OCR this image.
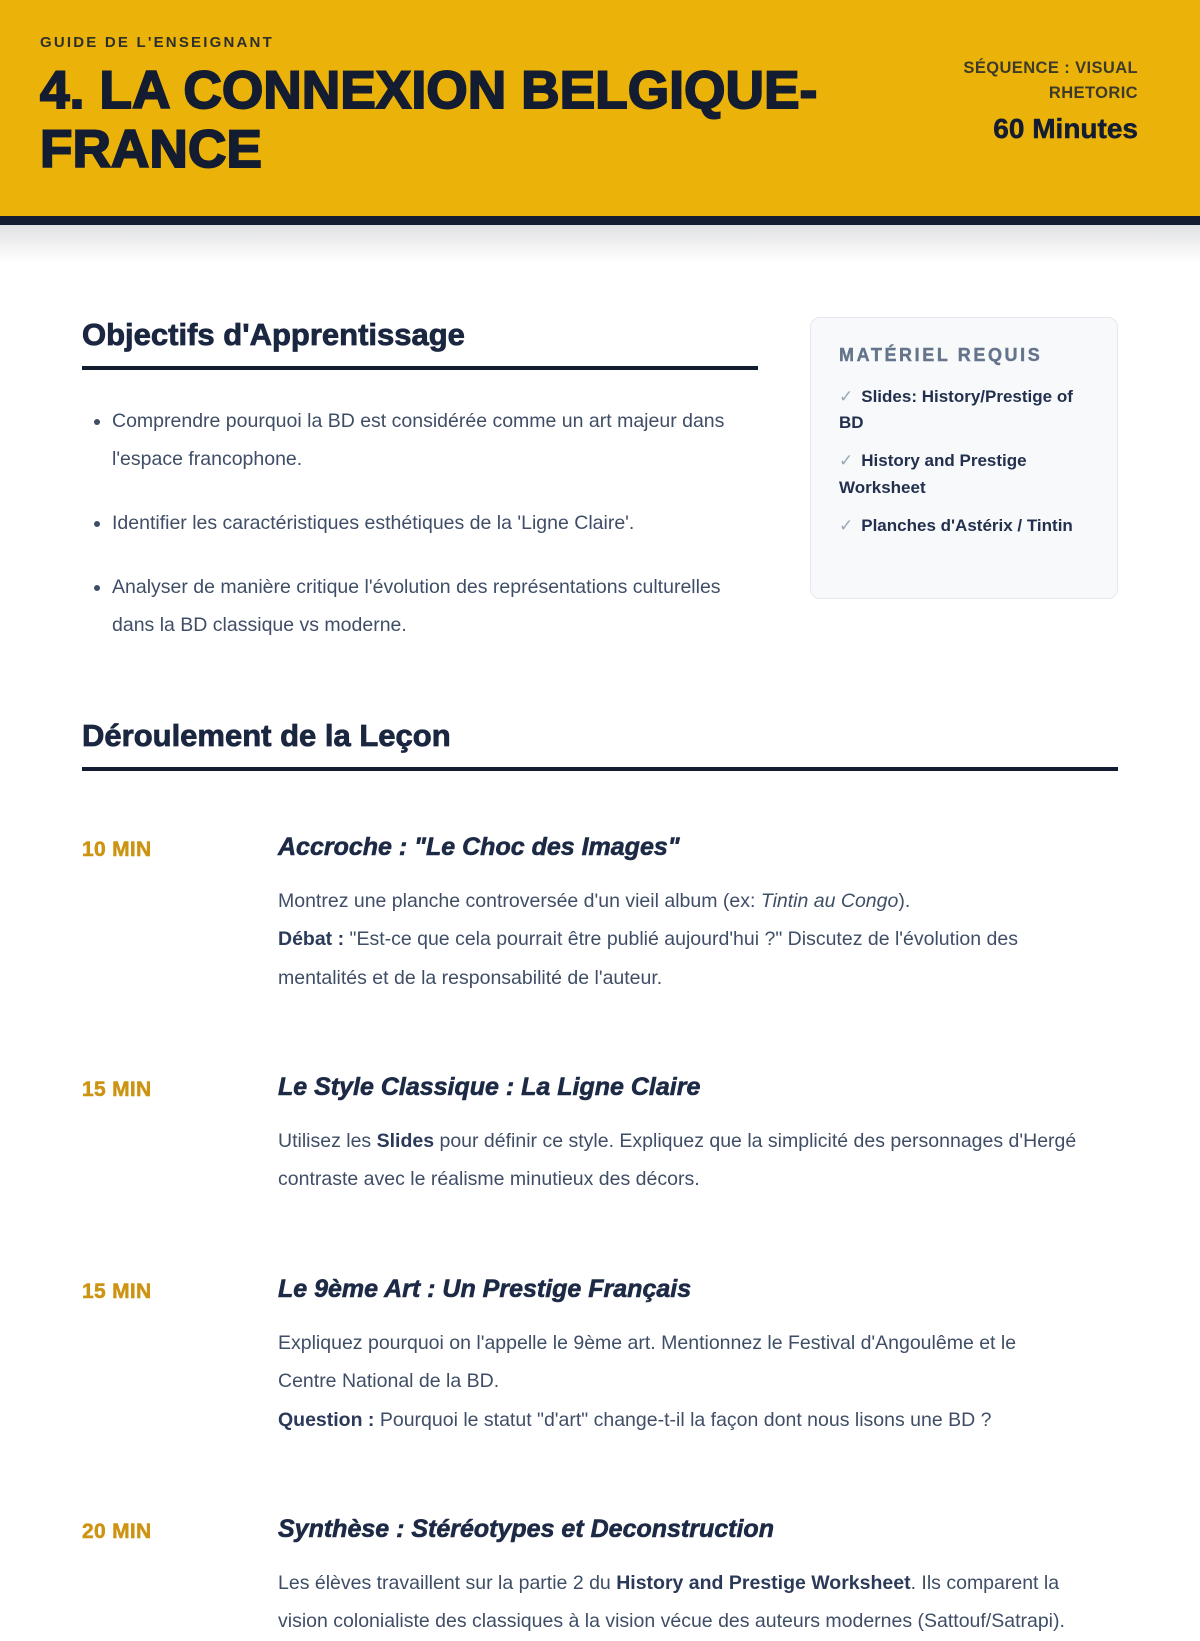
GUIDE DE L'ENSEIGNANT
4. LA CONNEXION BELGIQUE-FRANCE
SÉQUENCE : VISUAL RHETORIC
60 Minutes
Objectifs d'Apprentissage
• Comprendre pourquoi la BD est considérée comme un art majeur dans l'espace francophone.
• Identifier les caractéristiques esthétiques de la 'Ligne Claire'.
• Analyser de manière critique l'évolution des représentations culturelles dans la BD classique vs moderne.
MATÉRIEL REQUIS
✓ Slides: History/Prestige of BD
✓ History and Prestige Worksheet
✓ Planches d'Astérix / Tintin
Déroulement de la Leçon
10 MIN	Accroche : "Le Choc des Images"

Montrez une planche controversée d'un vieil album (ex: Tintin au Congo).
Débat : "Est-ce que cela pourrait être publié aujourd'hui ?" Discutez de l'évolution des mentalités et de la responsabilité de l'auteur.

15 MIN	Le Style Classique : La Ligne Claire

Utilisez les Slides pour définir ce style. Expliquez que la simplicité des personnages d'Hergé contraste avec le réalisme minutieux des décors.

15 MIN	Le 9ème Art : Un Prestige Français

Expliquez pourquoi on l'appelle le 9ème art. Mentionnez le Festival d'Angoulême et le Centre National de la BD.
Question : Pourquoi le statut "d'art" change-t-il la façon dont nous lisons une BD ?

20 MIN	Synthèse : Stéréotypes et Deconstruction

Les élèves travaillent sur la partie 2 du History and Prestige Worksheet. Ils comparent la vision colonialiste des classiques à la vision vécue des auteurs modernes (Sattouf/Satrapi).
